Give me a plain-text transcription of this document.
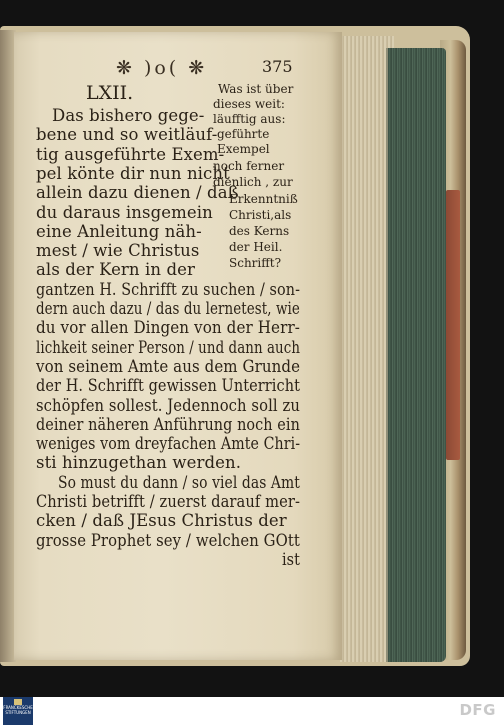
❋ )o( ❋	375
LXII.	Was ist über
dieses weit:
läufftig aus:
geführte
Exempel
noch ferner
dienlich , zur
Erkenntniß
Christi,als
des Kerns
der Heil.
Schrifft?
Das bishero gege-
bene und so weitläuf-
tig ausgeführte Exem-
pel könte dir nun nicht
allein dazu dienen / daß
du daraus insgemein
eine Anleitung näh-
mest / wie Christus
als der Kern in der
gantzen H. Schrifft zu suchen / son-
dern auch dazu / das du lernetest, wie
du vor allen Dingen von der Herr-
lichkeit seiner Person / und dann auch
von seinem Amte aus dem Grunde
der H. Schrifft gewissen Unterricht
schöpfen sollest. Jedennoch soll zu
deiner näheren Anführung noch ein
weniges vom dreyfachen Amte Chri-
sti hinzugethan werden.
So must du dann / so viel das Amt
Christi betrifft / zuerst darauf mer-
cken / daß JEsus Christus der
grosse Prophet sey / welchen GOtt
ist
FRANCKESCHE STIFTUNGEN	DFG
